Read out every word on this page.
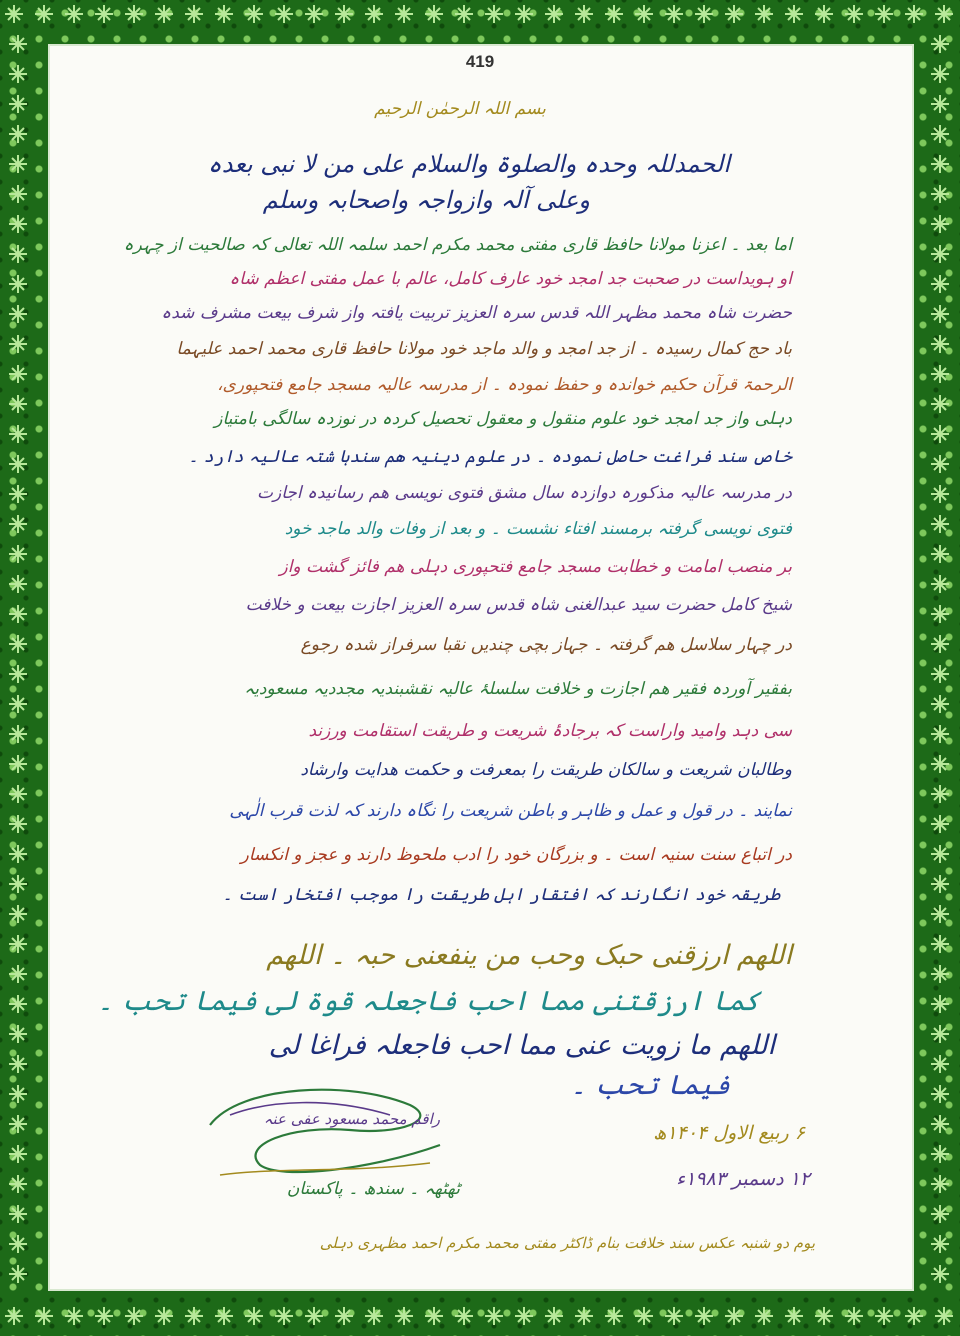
419
بسم اللہ الرحمٰن الرحیم
الحمدللہ وحدہ والصلوۃ والسلام علی من لا نبی بعدہ
وعلی آلہ وازواجہ واصحابہ وسلم
اما بعد ۔ اعزنا مولانا حافظ قاری مفتی محمد مکرم احمد سلمہ اللہ تعالی کہ صالحیت از چہرہ
او ہویداست در صحبت جد امجد خود عارف کامل، عالم با عمل مفتی اعظم شاہ
حضرت شاہ محمد مظہر اللہ قدس سرہ العزیز تربیت یافتہ واز شرف بیعت مشرف شدہ
باد حج کمال رسیدہ ۔ از جد امجد و والد ماجد خود مولانا حافظ قاری محمد احمد علیہما
الرحمۃ قرآن حکیم خواندہ و حفظ نمودہ ۔ از مدرسہ عالیہ مسجد جامع فتحپوری،
دہلی واز جد امجد خود علوم منقول و معقول تحصیل کردہ در نوزدہ سالگی بامتیاز
خاص سند فراغت حاصل نمودہ ۔ در علوم دینیہ هم سندہا شتہ عالیہ دارد ۔
در مدرسہ عالیہ مذکورہ دوازدہ سال مشق فتوی نویسی هم رسانیدہ اجازت
فتوی نویسی گرفتہ برمسند افتاء نشست ۔ و بعد از وفات والد ماجد خود
بر منصب امامت و خطابت مسجد جامع فتحپوری دہلی هم فائز گشت واز
شیخ کامل حضرت سید عبدالغنی شاہ قدس سرہ العزیز اجازت بیعت و خلافت
در چہار سلاسل هم گرفتہ ۔ جہاز بچی چندیں نقبا سرفراز شدہ رجوع
بفقیر آوردہ فقیر هم اجازت و خلافت سلسلۂ عالیہ نقشبندیہ مجددیہ مسعودیہ
سی دہد وامید واراست کہ برجادۂ شریعت و طریقت استقامت ورزند
وطالبان شریعت و سالکان طریقت را بمعرفت و حکمت هدایت وارشاد
نمایند ۔ در قول و عمل و ظاہر و باطن شریعت را نگاہ دارند کہ لذت قرب الٰہی
در اتباع سنت سنیہ است ۔ و بزرگان خود را ادب ملحوظ دارند و عجز و انکسار
طریقہ خود انگارند کہ افتقار اہل طریقت را موجب افتخار است ۔
اللھم ارزقنی حبک وحب من ینفعنی حبہ ۔ اللھم
کما ارزقتنی مما احب فاجعلہ قوۃ لی فیما تحب ۔
اللھم ما زویت عنی مما احب فاجعلہ فراغا لی
فیما تحب ۔
راقم محمد مسعود عفی عنہ
ٹھٹھہ ۔ سندھ ۔ پاکستان
۶ ربیع الاول ۱۴۰۴ھ
۱۲ دسمبر ۱۹۸۳ء
یوم دو شنبہ عکس سند خلافت بنام ڈاکٹر مفتی محمد مکرم احمد مظہری دہلی
